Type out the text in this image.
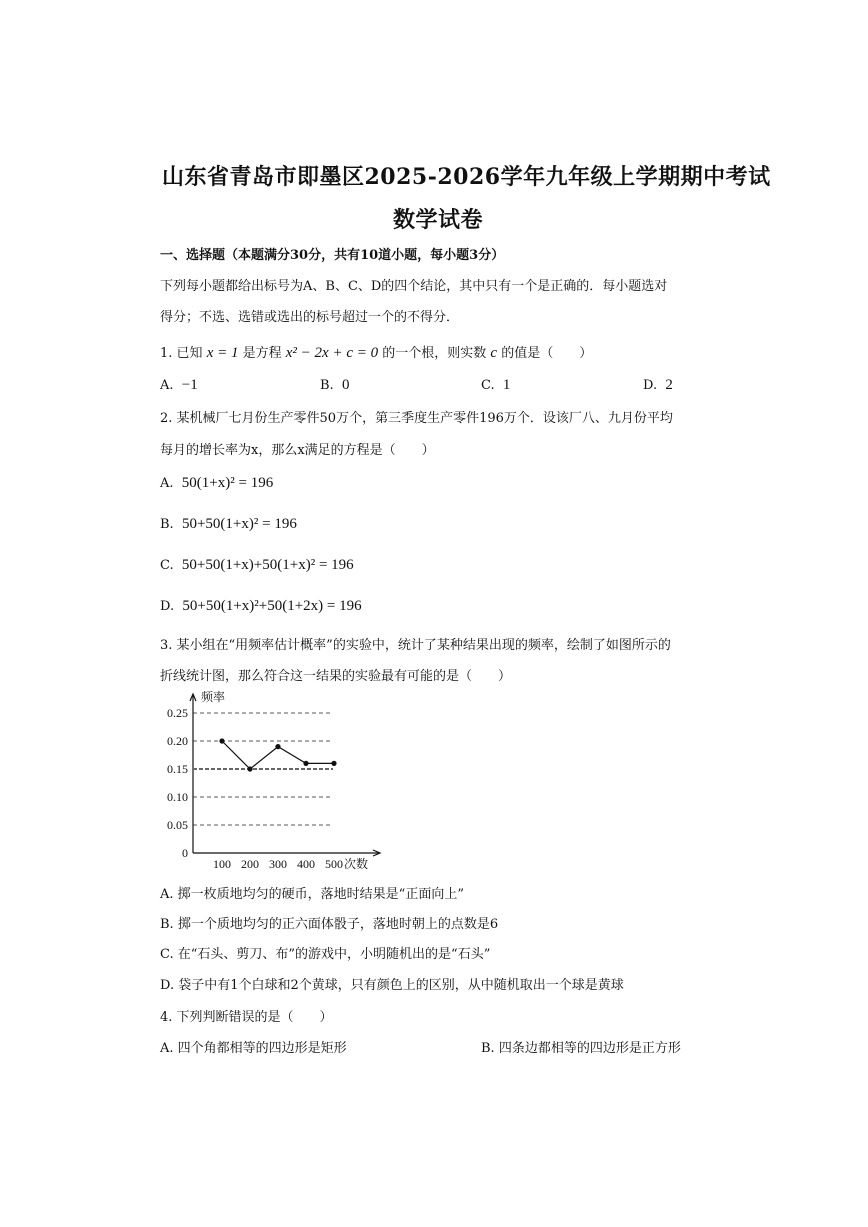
山东省青岛市即墨区2025-2026学年九年级上学期期中考试
数学试卷
一、选择题（本题满分30分，共有10道小题，每小题3分）
下列每小题都给出标号为A、B、C、D的四个结论，其中只有一个是正确的．每小题选对
得分；不选、选错或选出的标号超过一个的不得分．
1. 已知 x = 1 是方程 x² − 2x + c = 0 的一个根，则实数 c 的值是（　　）
A. −1	B. 0	C. 1	D. 2
2. 某机械厂七月份生产零件50万个，第三季度生产零件196万个．设该厂八、九月份平均
每月的增长率为x，那么x满足的方程是（　　）
A. 50(1+x)² = 196
B. 50+50(1+x)² = 196
C. 50+50(1+x)+50(1+x)² = 196
D. 50+50(1+x)²+50(1+2x) = 196
3. 某小组在“用频率估计概率”的实验中，统计了某种结果出现的频率，绘制了如图所示的
折线统计图，那么符合这一结果的实验最有可能的是（　　）
0.25
0.20
0.15
0.10
0.05
0
100 200 300 400 500
频率
次数
A. 掷一枚质地均匀的硬币，落地时结果是“正面向上”
B. 掷一个质地均匀的正六面体骰子，落地时朝上的点数是6
C. 在“石头、剪刀、布”的游戏中，小明随机出的是“石头”
D. 袋子中有1个白球和2个黄球，只有颜色上的区别，从中随机取出一个球是黄球
4. 下列判断错误的是（　　）
A. 四个角都相等的四边形是矩形	B. 四条边都相等的四边形是正方形
